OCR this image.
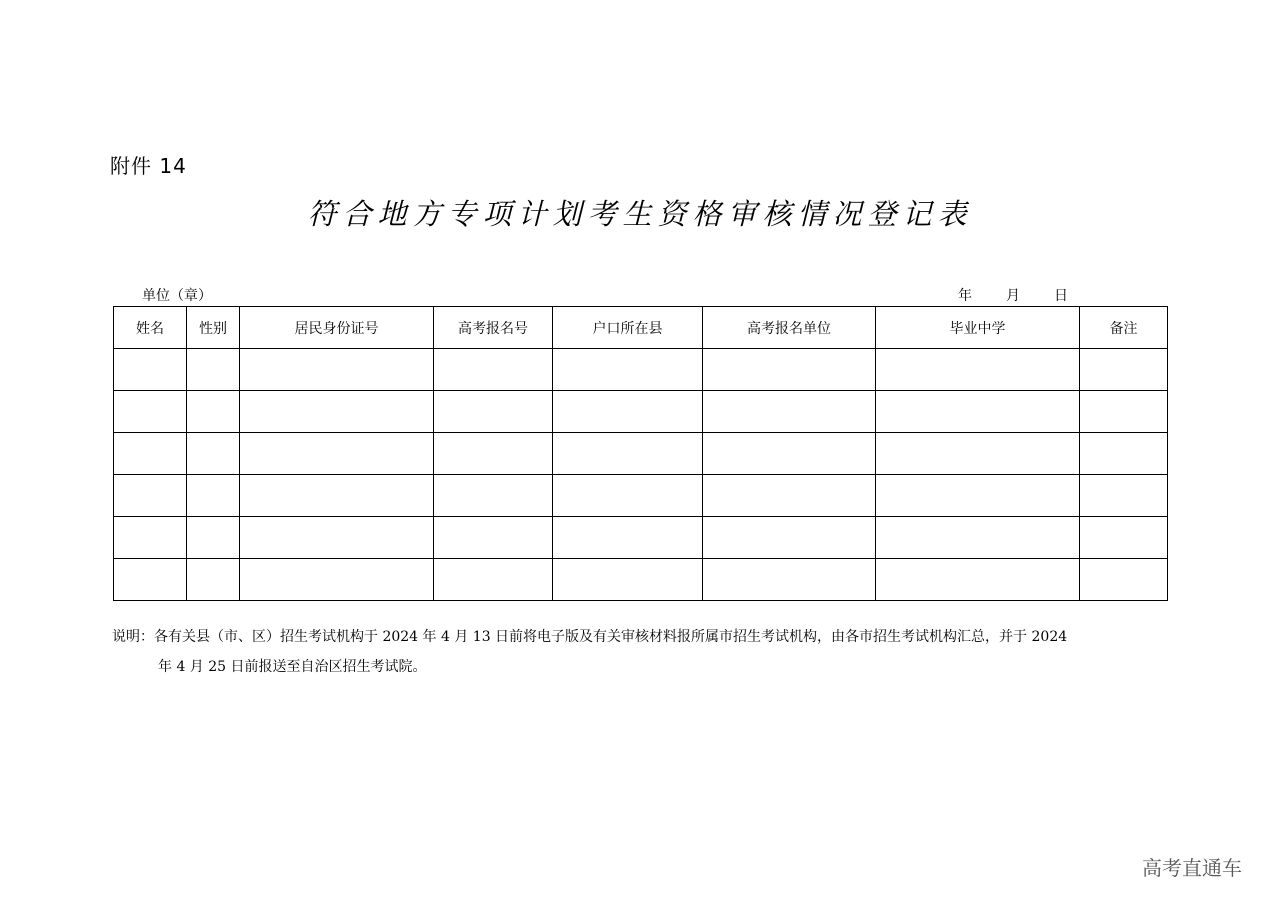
附件 14
符合地方专项计划考生资格审核情况登记表
单位（章）	年 月 日
姓名	性别	居民身份证号	高考报名号	户口所在县	高考报名单位	毕业中学	备注

说明：各有关县（市、区）招生考试机构于 2024 年 4 月 13 日前将电子版及有关审核材料报所属市招生考试机构，由各市招生考试机构汇总，并于 2024
年 4 月 25 日前报送至自治区招生考试院。
高考直通车
